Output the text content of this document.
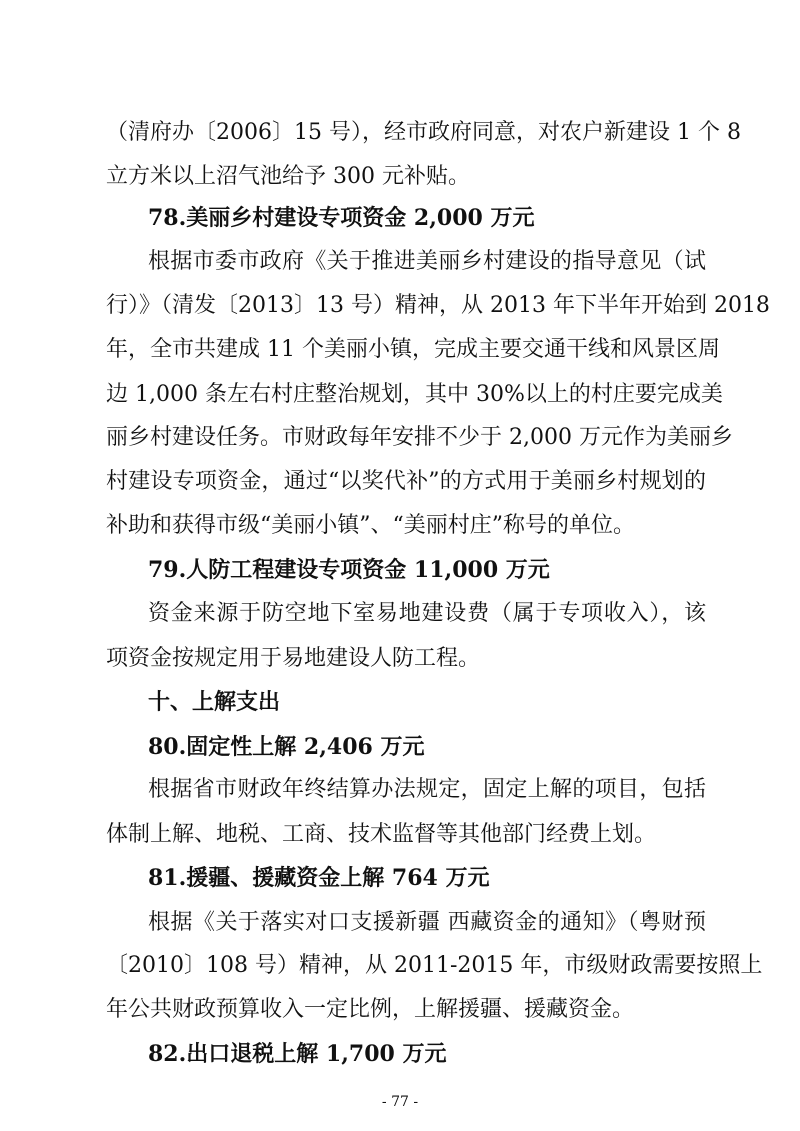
（清府办〔2006〕15 号），经市政府同意，对农户新建设 1 个 8
立方米以上沼气池给予 300 元补贴。
78.美丽乡村建设专项资金 2,000 万元
根据市委市政府《关于推进美丽乡村建设的指导意见（试
行）》（清发〔2013〕13 号）精神，从 2013 年下半年开始到 2018
年，全市共建成 11 个美丽小镇，完成主要交通干线和风景区周
边 1,000 条左右村庄整治规划，其中 30%以上的村庄要完成美
丽乡村建设任务。市财政每年安排不少于 2,000 万元作为美丽乡
村建设专项资金，通过“以奖代补”的方式用于美丽乡村规划的
补助和获得市级“美丽小镇”、“美丽村庄”称号的单位。
79.人防工程建设专项资金 11,000 万元
资金来源于防空地下室易地建设费（属于专项收入），该
项资金按规定用于易地建设人防工程。
十、上解支出
80.固定性上解 2,406 万元
根据省市财政年终结算办法规定，固定上解的项目，包括
体制上解、地税、工商、技术监督等其他部门经费上划。
81.援疆、援藏资金上解 764 万元
根据《关于落实对口支援新疆 西藏资金的通知》（粤财预
〔2010〕108 号）精神，从 2011-2015 年，市级财政需要按照上
年公共财政预算收入一定比例，上解援疆、援藏资金。
82.出口退税上解 1,700 万元
- 77 -
